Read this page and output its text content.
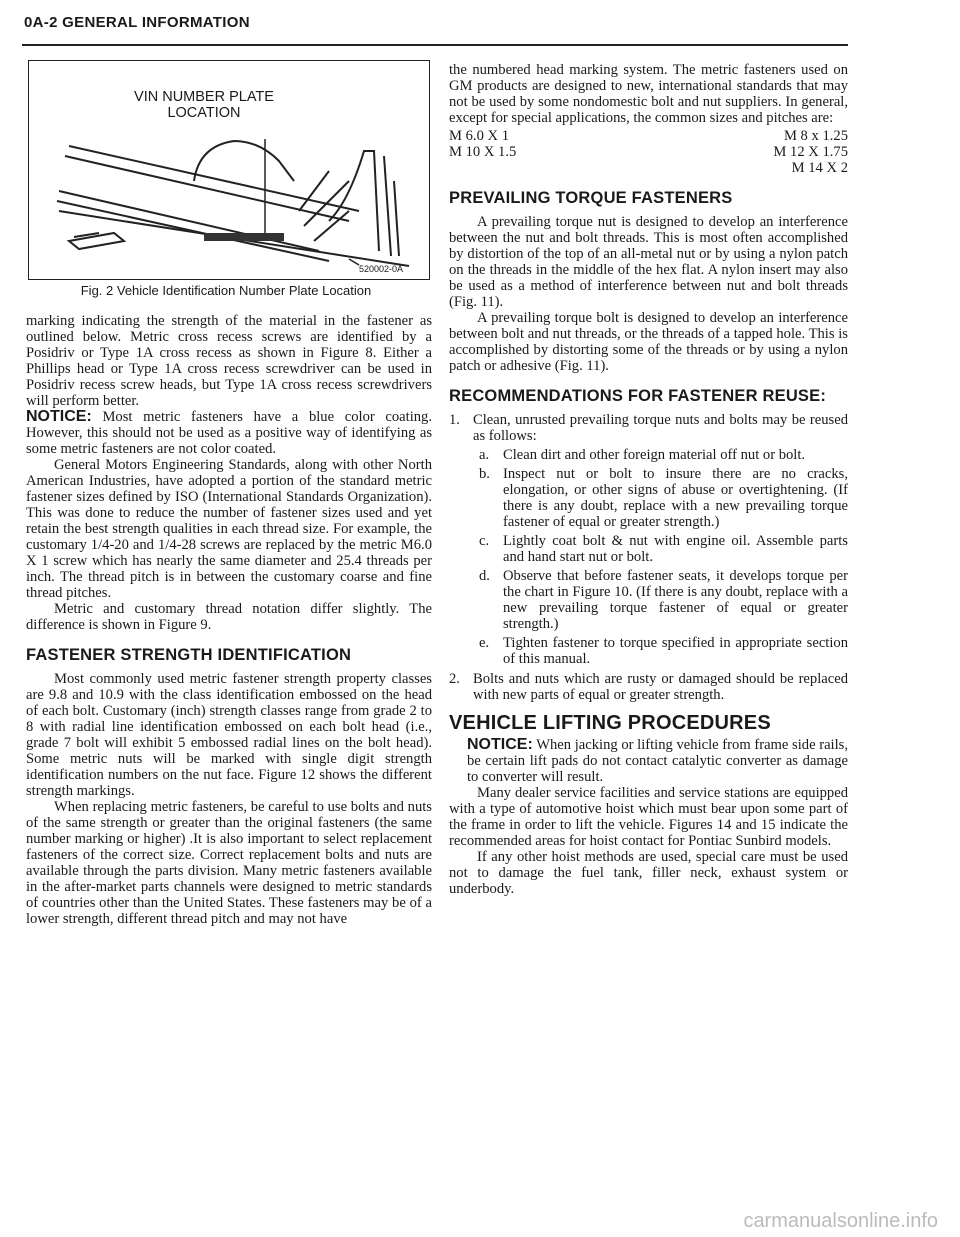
0A-2 GENERAL INFORMATION
VIN NUMBER PLATE
LOCATION
520002-0A
Fig. 2 Vehicle Identification Number Plate Location

marking indicating the strength of the material in the fastener as outlined below. Metric cross recess screws are identified by a Posidriv or Type 1A cross recess as shown in Figure 8. Either a Phillips head or Type 1A cross recess screwdriver can be used in Posidriv recess screw heads, but Type 1A cross recess screwdrivers will perform better.

NOTICE: Most metric fasteners have a blue color coating. However, this should not be used as a positive way of identifying as some metric fasteners are not color coated.

General Motors Engineering Standards, along with other North American Industries, have adopted a portion of the standard metric fastener sizes defined by ISO (International Standards Organization). This was done to reduce the number of fastener sizes used and yet retain the best strength qualities in each thread size. For example, the customary 1/4-20 and 1/4-28 screws are replaced by the metric M6.0 X 1 screw which has nearly the same diameter and 25.4 threads per inch. The thread pitch is in between the customary coarse and fine thread pitches.

Metric and customary thread notation differ slightly. The difference is shown in Figure 9.

FASTENER STRENGTH IDENTIFICATION

Most commonly used metric fastener strength property classes are 9.8 and 10.9 with the class identification embossed on the head of each bolt. Customary (inch) strength classes range from grade 2 to 8 with radial line identification embossed on each bolt head (i.e., grade 7 bolt will exhibit 5 embossed radial lines on the bolt head). Some metric nuts will be marked with single digit strength identification numbers on the nut face. Figure 12 shows the different strength markings.

When replacing metric fasteners, be careful to use bolts and nuts of the same strength or greater than the original fasteners (the same number marking or higher) .It is also important to select replacement fasteners of the correct size. Correct replacement bolts and nuts are available through the parts division. Many metric fasteners available in the after-market parts channels were designed to metric standards of countries other than the United States. These fasteners may be of a lower strength, different thread pitch and may not have

the numbered head marking system. The metric fasteners used on GM products are designed to new, international standards that may not be used by some nondomestic bolt and nut suppliers. In general, except for special applications, the common sizes and pitches are:

M 6.0 X 1
M 10 X 1.5
M 8 x 1.25
M 12 X 1.75
M 14 X 2
PREVAILING TORQUE FASTENERS

A prevailing torque nut is designed to develop an interference between the nut and bolt threads. This is most often accomplished by distortion of the top of an all-metal nut or by using a nylon patch on the threads in the middle of the hex flat. A nylon insert may also be used as a method of interference between nut and bolt threads (Fig. 11).

A prevailing torque bolt is designed to develop an interference between bolt and nut threads, or the threads of a tapped hole. This is accomplished by distorting some of the threads or by using a nylon patch or adhesive (Fig. 11).

RECOMMENDATIONS FOR FASTENER REUSE:
1. Clean, unrusted prevailing torque nuts and bolts may be reused as follows:

a. Clean dirt and other foreign material off nut or bolt.

b. Inspect nut or bolt to insure there are no cracks, elongation, or other signs of abuse or overtightening. (If there is any doubt, replace with a new prevailing torque fastener of equal or greater strength.)

c. Lightly coat bolt & nut with engine oil. Assemble parts and hand start nut or bolt.

d. Observe that before fastener seats, it develops torque per the chart in Figure 10. (If there is any doubt, replace with a new prevailing torque fastener of equal or greater strength.)

e. Tighten fastener to torque specified in appropriate section of this manual.

2. Bolts and nuts which are rusty or damaged should be replaced with new parts of equal or greater strength.

VEHICLE LIFTING PROCEDURES

NOTICE: When jacking or lifting vehicle from frame side rails, be certain lift pads do not contact catalytic converter as damage to converter will result.

Many dealer service facilities and service stations are equipped with a type of automotive hoist which must bear upon some part of the frame in order to lift the vehicle. Figures 14 and 15 indicate the recommended areas for hoist contact for Pontiac Sunbird models.

If any other hoist methods are used, special care must be used not to damage the fuel tank, filler neck, exhaust system or underbody.

carmanualsonline.info
